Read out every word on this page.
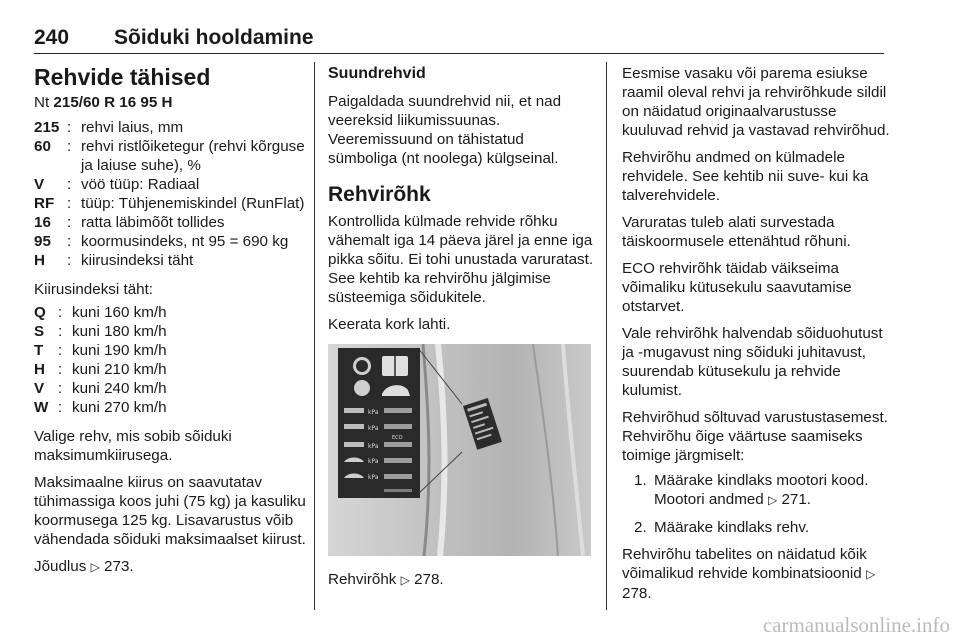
240 Sõiduki hooldamine
Rehvide tähised
Nt 215/60 R 16 95 H
215 : rehvi laius, mm
60	: rehvi ristlõiketegur (rehvi kõrguse ja laiuse suhe), %
V	: vöö tüüp: Radiaal
RF : tüüp: Tühjenemiskindel (RunFlat)
16	: ratta läbimõõt tollides
95	: koormusindeks, nt 95 = 690 kg
H	: kiirusindeksi täht

Kiirusindeksi täht:

Q : kuni 160 km/h
S : kuni 180 km/h
T : kuni 190 km/h
H : kuni 210 km/h
V : kuni 240 km/h
W : kuni 270 km/h

Valige rehv, mis sobib sõiduki maksimumkiirusega.

Maksimaalne kiirus on saavutatav tühimassiga koos juhi (75 kg) ja kasuliku koormusega 125 kg. Lisavarustus võib vähendada sõiduki maksimaalset kiirust.

Jõudlus ▷ 273.

Suundrehvid

Paigaldada suundrehvid nii, et nad veereksid liikumissuunas. Veeremissuund on tähistatud sümboliga (nt noolega) külgseinal.

Rehvirõhk

Kontrollida külmade rehvide rõhku vähemalt iga 14 päeva järel ja enne iga pikka sõitu. Ei tohi unustada varuratast. See kehtib ka rehvirõhu jälgimise süsteemiga sõidukitele.

Keerata kork lahti.

kPa
kPa
ECO
kPa
kPa
kPa

Rehvirõhk ▷ 278.

Eesmise vasaku või parema esiukse raamil oleval rehvi ja rehvirõhkude sildil on näidatud originaalvarustusse kuuluvad rehvid ja vastavad rehvirõhud.

Rehvirõhu andmed on külmadele rehvidele. See kehtib nii suve- kui ka talverehvidele.

Varuratas tuleb alati survestada täiskoormusele ettenähtud rõhuni.

ECO rehvirõhk täidab väikseima võimaliku kütusekulu saavutamise otstarvet.

Vale rehvirõhk halvendab sõiduohutust ja -mugavust ning sõiduki juhitavust, suurendab kütusekulu ja rehvide kulumist.

Rehvirõhud sõltuvad varustustasemest. Rehvirõhu õige väärtuse saamiseks toimige järgmiselt:

1. Määrake kindlaks mootori kood. Mootori andmed ▷ 271.
2. Määrake kindlaks rehv.

Rehvirõhu tabelites on näidatud kõik võimalikud rehvide kombinatsioonid ▷ 278.

carmanualsonline.info
